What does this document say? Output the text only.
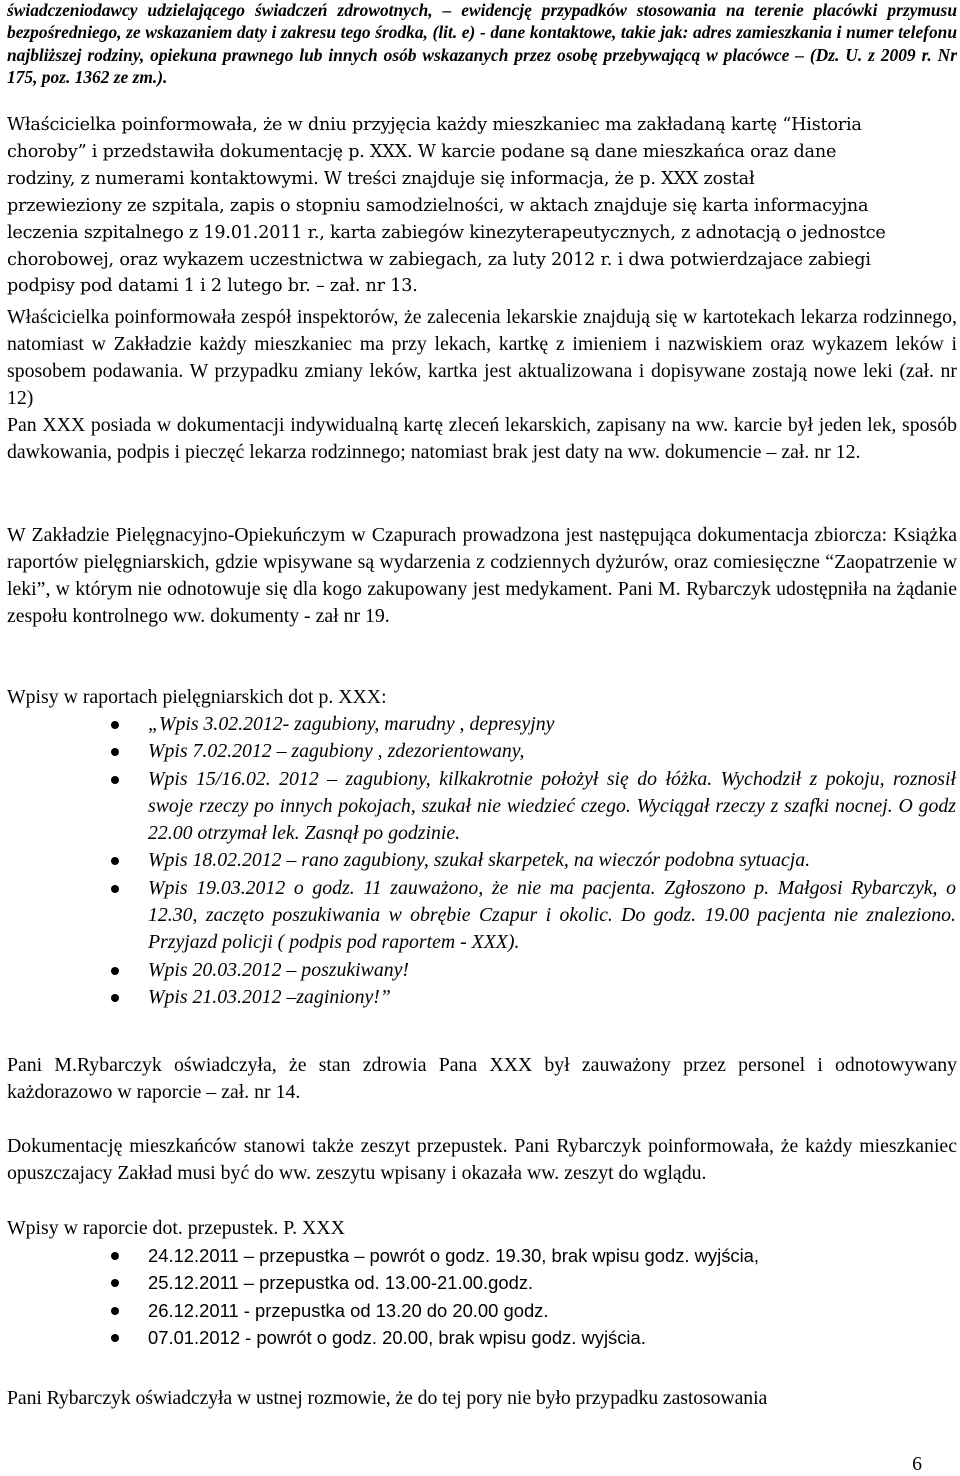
świadczeniodawcy udzielającego świadczeń zdrowotnych, – ewidencję przypadków stosowania na terenie placówki przymusu bezpośredniego, ze wskazaniem daty i zakresu tego środka, (lit. e) - dane kontaktowe, takie jak: adres zamieszkania i numer telefonu najbliższej rodziny, opiekuna prawnego lub innych osób wskazanych przez osobę przebywającą w placówce – (Dz. U. z 2009 r. Nr 175, poz. 1362 ze zm.).

Właścicielka poinformowała, że w dniu przyjęcia każdy mieszkaniec ma zakładaną kartę “Historia
choroby” i przedstawiła dokumentację p. XXX. W karcie podane są dane mieszkańca oraz dane
rodziny, z numerami kontaktowymi. W treści znajduje się informacja, że p. XXX został
przewieziony ze szpitala, zapis o stopniu samodzielności, w aktach znajduje się karta informacyjna
leczenia szpitalnego z 19.01.2011 r., karta zabiegów kinezyterapeutycznych, z adnotacją o jednostce
chorobowej, oraz wykazem uczestnictwa w zabiegach, za luty 2012 r. i dwa potwierdzajace zabiegi
podpisy pod datami 1 i 2 lutego br. – zał. nr 13.

Właścicielka poinformowała zespół inspektorów, że zalecenia lekarskie znajdują się w kartotekach lekarza rodzinnego, natomiast w Zakładzie każdy mieszkaniec ma przy lekach, kartkę z imieniem i nazwiskiem oraz wykazem leków i sposobem podawania. W przypadku zmiany leków, kartka jest aktualizowana i dopisywane zostają nowe leki (zał. nr 12)

Pan XXX posiada w dokumentacji indywidualną kartę zleceń lekarskich, zapisany na ww. karcie był jeden lek, sposób dawkowania, podpis i pieczęć lekarza rodzinnego; natomiast brak jest daty na ww. dokumencie – zał. nr 12.

W Zakładzie Pielęgnacyjno-Opiekuńczym w Czapurach prowadzona jest następująca dokumentacja zbiorcza: Książka raportów pielęgniarskich, gdzie wpisywane są wydarzenia z codziennych dyżurów, oraz comiesięczne “Zaopatrzenie w leki”, w którym nie odnotowuje się dla kogo zakupowany jest medykament. Pani M. Rybarczyk udostępniła na żądanie zespołu kontrolnego ww. dokumenty - zał nr 19.

Wpisy w raportach pielęgniarskich dot p. XXX:

„Wpis 3.02.2012- zagubiony, marudny , depresyjny
Wpis 7.02.2012 – zagubiony , zdezorientowany,
Wpis 15/16.02. 2012 – zagubiony, kilkakrotnie położył się do łóżka. Wychodził z pokoju, roznosił swoje rzeczy po innych pokojach, szukał nie wiedzieć czego. Wyciągał rzeczy z szafki nocnej. O godz 22.00 otrzymał lek. Zasnął po godzinie.
Wpis 18.02.2012 – rano zagubiony, szukał skarpetek, na wieczór podobna sytuacja.
Wpis 19.03.2012 o godz. 11 zauważono, że nie ma pacjenta. Zgłoszono p. Małgosi Rybarczyk, o 12.30, zaczęto poszukiwania w obrębie Czapur i okolic. Do godz. 19.00 pacjenta nie znaleziono. Przyjazd policji ( podpis pod raportem - XXX).
Wpis 20.03.2012 – poszukiwany!
Wpis 21.03.2012 –zaginiony!”

Pani M.Rybarczyk oświadczyła, że stan zdrowia Pana XXX był zauważony przez personel i odnotowywany każdorazowo w raporcie – zał. nr 14.

Dokumentację mieszkańców stanowi także zeszyt przepustek. Pani Rybarczyk poinformowała, że każdy mieszkaniec opuszczajacy Zakład musi być do ww. zeszytu wpisany i okazała ww. zeszyt do wglądu.

Wpisy w raporcie dot. przepustek. P. XXX

24.12.2011 – przepustka – powrót o godz. 19.30, brak wpisu godz. wyjścia,
25.12.2011 – przepustka od. 13.00-21.00.godz.
26.12.2011 - przepustka od 13.20 do 20.00 godz.
07.01.2012 - powrót o godz. 20.00, brak wpisu godz. wyjścia.

Pani Rybarczyk oświadczyła w ustnej rozmowie, że do tej pory nie było przypadku zastosowania

6
